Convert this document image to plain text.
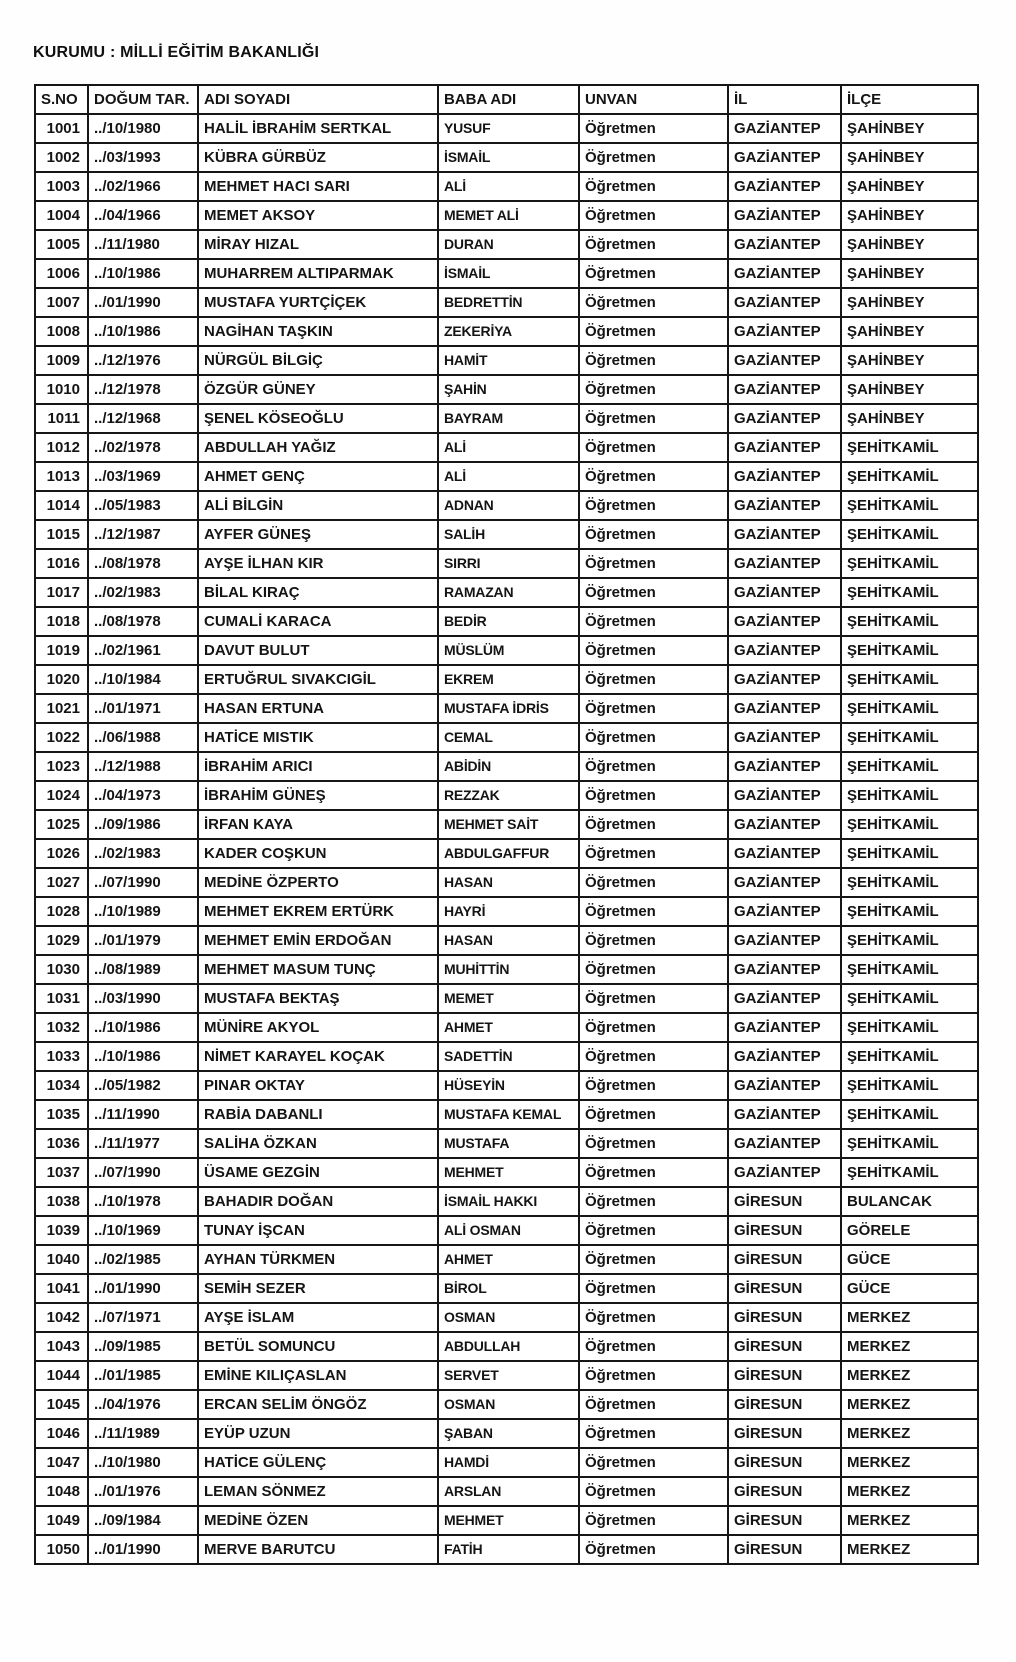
KURUMU : MİLLİ EĞİTİM BAKANLIĞI
S.NO	DOĞUM TAR.	ADI SOYADI	BABA ADI	UNVAN	İL	İLÇE
1001	../10/1980	HALİL İBRAHİM SERTKAL	YUSUF	Öğretmen	GAZİANTEP	ŞAHİNBEY
1002	../03/1993	KÜBRA GÜRBÜZ	İSMAİL	Öğretmen	GAZİANTEP	ŞAHİNBEY
1003	../02/1966	MEHMET HACI SARI	ALİ	Öğretmen	GAZİANTEP	ŞAHİNBEY
1004	../04/1966	MEMET AKSOY	MEMET ALİ	Öğretmen	GAZİANTEP	ŞAHİNBEY
1005	../11/1980	MİRAY HIZAL	DURAN	Öğretmen	GAZİANTEP	ŞAHİNBEY
1006	../10/1986	MUHARREM ALTIPARMAK	İSMAİL	Öğretmen	GAZİANTEP	ŞAHİNBEY
1007	../01/1990	MUSTAFA YURTÇİÇEK	BEDRETTİN	Öğretmen	GAZİANTEP	ŞAHİNBEY
1008	../10/1986	NAGİHAN TAŞKIN	ZEKERİYA	Öğretmen	GAZİANTEP	ŞAHİNBEY
1009	../12/1976	NÜRGÜL BİLGİÇ	HAMİT	Öğretmen	GAZİANTEP	ŞAHİNBEY
1010	../12/1978	ÖZGÜR GÜNEY	ŞAHİN	Öğretmen	GAZİANTEP	ŞAHİNBEY
1011	../12/1968	ŞENEL KÖSEOĞLU	BAYRAM	Öğretmen	GAZİANTEP	ŞAHİNBEY
1012	../02/1978	ABDULLAH YAĞIZ	ALİ	Öğretmen	GAZİANTEP	ŞEHİTKAMİL
1013	../03/1969	AHMET GENÇ	ALİ	Öğretmen	GAZİANTEP	ŞEHİTKAMİL
1014	../05/1983	ALİ BİLGİN	ADNAN	Öğretmen	GAZİANTEP	ŞEHİTKAMİL
1015	../12/1987	AYFER GÜNEŞ	SALİH	Öğretmen	GAZİANTEP	ŞEHİTKAMİL
1016	../08/1978	AYŞE İLHAN KIR	SIRRI	Öğretmen	GAZİANTEP	ŞEHİTKAMİL
1017	../02/1983	BİLAL KIRAÇ	RAMAZAN	Öğretmen	GAZİANTEP	ŞEHİTKAMİL
1018	../08/1978	CUMALİ KARACA	BEDİR	Öğretmen	GAZİANTEP	ŞEHİTKAMİL
1019	../02/1961	DAVUT BULUT	MÜSLÜM	Öğretmen	GAZİANTEP	ŞEHİTKAMİL
1020	../10/1984	ERTUĞRUL SIVAKCIGİL	EKREM	Öğretmen	GAZİANTEP	ŞEHİTKAMİL
1021	../01/1971	HASAN ERTUNA	MUSTAFA İDRİS	Öğretmen	GAZİANTEP	ŞEHİTKAMİL
1022	../06/1988	HATİCE MISTIK	CEMAL	Öğretmen	GAZİANTEP	ŞEHİTKAMİL
1023	../12/1988	İBRAHİM ARICI	ABİDİN	Öğretmen	GAZİANTEP	ŞEHİTKAMİL
1024	../04/1973	İBRAHİM GÜNEŞ	REZZAK	Öğretmen	GAZİANTEP	ŞEHİTKAMİL
1025	../09/1986	İRFAN KAYA	MEHMET SAİT	Öğretmen	GAZİANTEP	ŞEHİTKAMİL
1026	../02/1983	KADER COŞKUN	ABDULGAFFUR	Öğretmen	GAZİANTEP	ŞEHİTKAMİL
1027	../07/1990	MEDİNE ÖZPERTO	HASAN	Öğretmen	GAZİANTEP	ŞEHİTKAMİL
1028	../10/1989	MEHMET EKREM ERTÜRK	HAYRİ	Öğretmen	GAZİANTEP	ŞEHİTKAMİL
1029	../01/1979	MEHMET EMİN ERDOĞAN	HASAN	Öğretmen	GAZİANTEP	ŞEHİTKAMİL
1030	../08/1989	MEHMET MASUM TUNÇ	MUHİTTİN	Öğretmen	GAZİANTEP	ŞEHİTKAMİL
1031	../03/1990	MUSTAFA BEKTAŞ	MEMET	Öğretmen	GAZİANTEP	ŞEHİTKAMİL
1032	../10/1986	MÜNİRE AKYOL	AHMET	Öğretmen	GAZİANTEP	ŞEHİTKAMİL
1033	../10/1986	NİMET KARAYEL KOÇAK	SADETTİN	Öğretmen	GAZİANTEP	ŞEHİTKAMİL
1034	../05/1982	PINAR OKTAY	HÜSEYİN	Öğretmen	GAZİANTEP	ŞEHİTKAMİL
1035	../11/1990	RABİA DABANLI	MUSTAFA KEMAL	Öğretmen	GAZİANTEP	ŞEHİTKAMİL
1036	../11/1977	SALİHA ÖZKAN	MUSTAFA	Öğretmen	GAZİANTEP	ŞEHİTKAMİL
1037	../07/1990	ÜSAME GEZGİN	MEHMET	Öğretmen	GAZİANTEP	ŞEHİTKAMİL
1038	../10/1978	BAHADIR DOĞAN	İSMAİL HAKKI	Öğretmen	GİRESUN	BULANCAK
1039	../10/1969	TUNAY İŞCAN	ALİ OSMAN	Öğretmen	GİRESUN	GÖRELE
1040	../02/1985	AYHAN TÜRKMEN	AHMET	Öğretmen	GİRESUN	GÜCE
1041	../01/1990	SEMİH SEZER	BİROL	Öğretmen	GİRESUN	GÜCE
1042	../07/1971	AYŞE İSLAM	OSMAN	Öğretmen	GİRESUN	MERKEZ
1043	../09/1985	BETÜL SOMUNCU	ABDULLAH	Öğretmen	GİRESUN	MERKEZ
1044	../01/1985	EMİNE KILIÇASLAN	SERVET	Öğretmen	GİRESUN	MERKEZ
1045	../04/1976	ERCAN SELİM ÖNGÖZ	OSMAN	Öğretmen	GİRESUN	MERKEZ
1046	../11/1989	EYÜP UZUN	ŞABAN	Öğretmen	GİRESUN	MERKEZ
1047	../10/1980	HATİCE GÜLENÇ	HAMDİ	Öğretmen	GİRESUN	MERKEZ
1048	../01/1976	LEMAN SÖNMEZ	ARSLAN	Öğretmen	GİRESUN	MERKEZ
1049	../09/1984	MEDİNE ÖZEN	MEHMET	Öğretmen	GİRESUN	MERKEZ
1050	../01/1990	MERVE BARUTCU	FATİH	Öğretmen	GİRESUN	MERKEZ
